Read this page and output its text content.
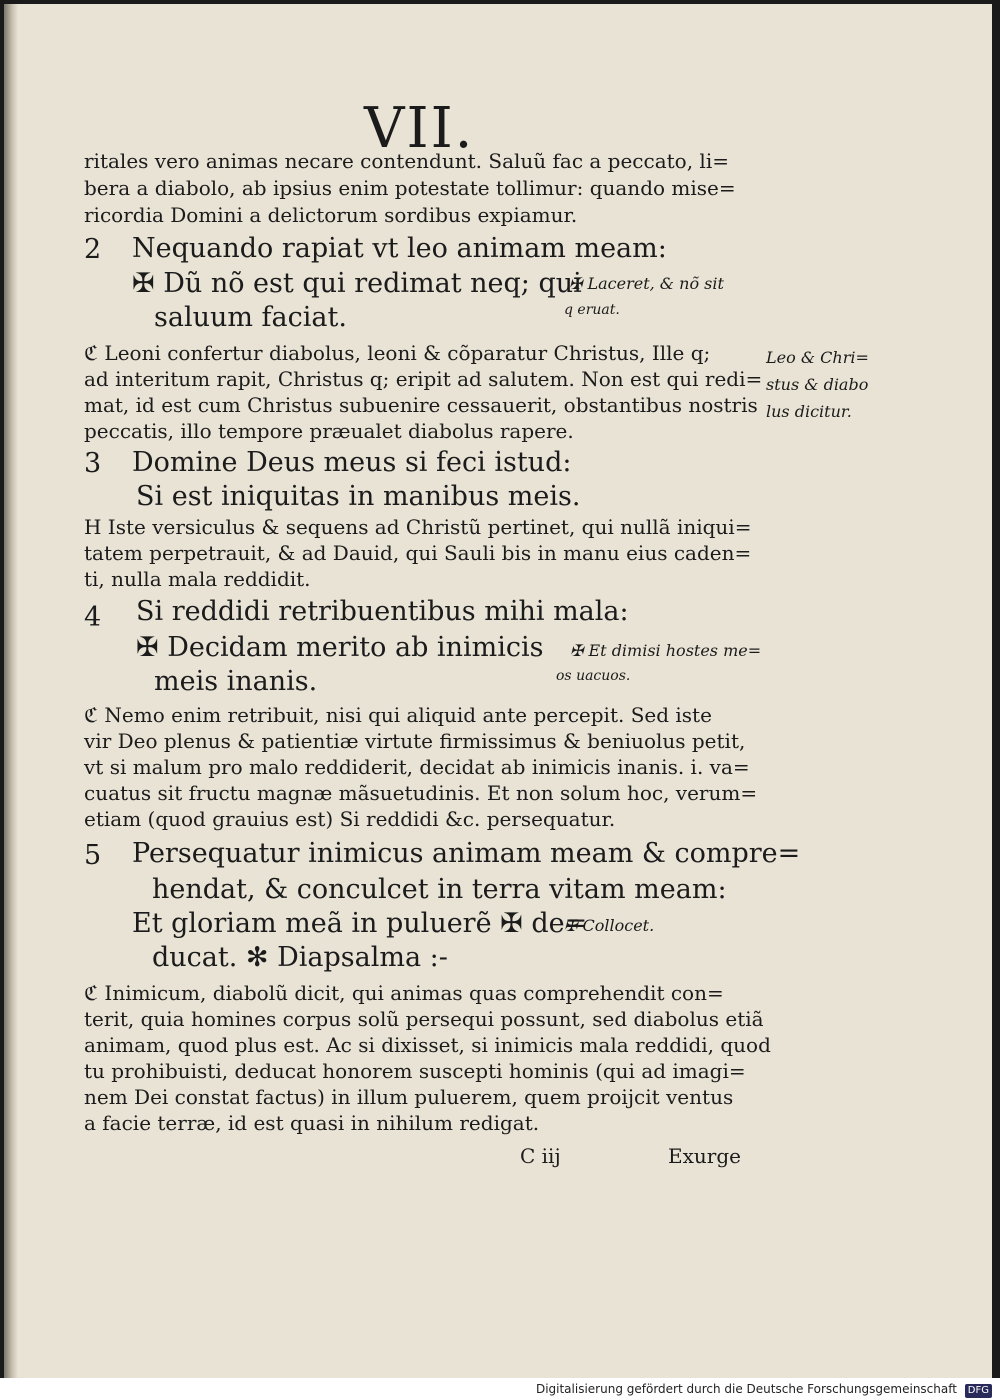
VII.
ritales vero animas necare contendunt. Saluũ fac a peccato, li=
bera a diabolo, ab ipsius enim potestate tollimur: quando mise=
ricordia Domini a delictorum sordibus expiamur.
2 Nequando rapiat vt leo animam meam:
✠ Dũ nõ est qui redimat neq; qui
saluum faciat.
✠ Laceret, & nõ sit
q eruat.
ℭ Leoni confertur diabolus, leoni & cõparatur Christus, Ille q;
ad interitum rapit, Christus q; eripit ad salutem. Non est qui redi=
mat, id est cum Christus subuenire cessauerit, obstantibus nostris
peccatis, illo tempore præualet diabolus rapere.
Leo & Chri=
stus & diabo
lus dicitur.
3 Domine Deus meus si feci istud:
Si est iniquitas in manibus meis.
H Iste versiculus & sequens ad Christũ pertinet, qui nullã iniqui=
tatem perpetrauit, & ad Dauid, qui Sauli bis in manu eius caden=
ti, nulla mala reddidit.
4 Si reddidi retribuentibus mihi mala:
✠ Decidam merito ab inimicis
meis inanis.
✠ Et dimisi hostes me=
os uacuos.
ℭ Nemo enim retribuit, nisi qui aliquid ante percepit. Sed iste
vir Deo plenus & patientiæ virtute firmissimus & beniuolus petit,
vt si malum pro malo reddiderit, decidat ab inimicis inanis. i. va=
cuatus sit fructu magnæ mãsuetudinis. Et non solum hoc, verum=
etiam (quod grauius est) Si reddidi &c. persequatur.
5 Persequatur inimicus animam meam & compre=
hendat, & conculcet in terra vitam meam:
Et gloriam meã in puluerẽ ✠ de=
ducat. ✻ Diapsalma :-
✠ Collocet.
ℭ Inimicum, diabolũ dicit, qui animas quas comprehendit con=
terit, quia homines corpus solũ persequi possunt, sed diabolus etiã
animam, quod plus est. Ac si dixisset, si inimicis mala reddidi, quod
tu prohibuisti, deducat honorem suscepti hominis (qui ad imagi=
nem Dei constat factus) in illum puluerem, quem proijcit ventus
a facie terræ, id est quasi in nihilum redigat.
C iij	Exurge
Digitalisierung gefördert durch die Deutsche Forschungsgemeinschaft DFG
